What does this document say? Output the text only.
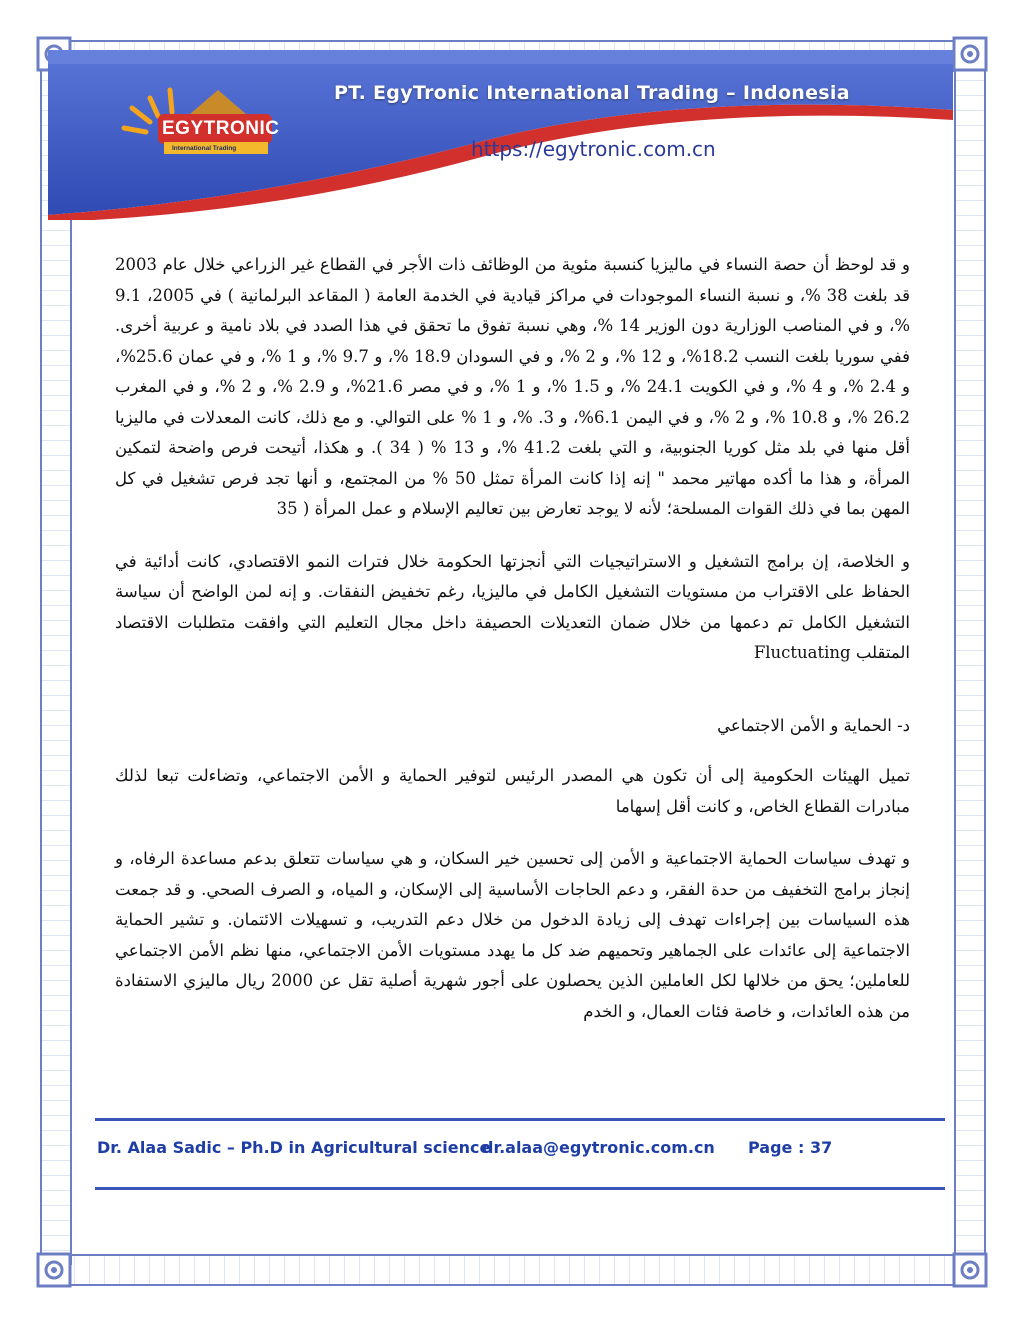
EGYTRONIC
International Trading
PT. EgyTronic International Trading – Indonesia
https://egytronic.com.cn

و قد لوحظ أن حصة النساء في ماليزيا كنسبة مئوية من الوظائف ذات الأجر في القطاع غير الزراعي خلال عام 2003 قد بلغت 38 %، و نسبة النساء الموجودات في مراكز قيادية في الخدمة العامة ( المقاعد البرلمانية ) في 2005، 9.1 %، و في المناصب الوزارية دون الوزير 14 %، وهي نسبة تفوق ما تحقق في هذا الصدد في بلاد نامية و عربية أخرى. ففي سوريا بلغت النسب 18.2%، و 12 %، و 2 %، و في السودان 18.9 %، و 9.7 %، و 1 %، و في عمان 25.6%، و 2.4 %، و 4 %، و في الكويت 24.1 %، و 1.5 %، و 1 %، و في مصر 21.6%، و 2.9 %، و 2 %، و في المغرب 26.2 %، و 10.8 %، و 2 %، و في اليمن 6.1%، و 3. %، و 1 % على التوالي. و مع ذلك، كانت المعدلات في ماليزيا أقل منها في بلد مثل كوريا الجنوبية، و التي بلغت 41.2 %، و 13 % ( 34 ). و هكذا، أتيحت فرص واضحة لتمكين المرأة، و هذا ما أكده مهاتير محمد " إنه إذا كانت المرأة تمثل 50 % من المجتمع، و أنها تجد فرص تشغيل في كل المهن بما في ذلك القوات المسلحة؛ لأنه لا يوجد تعارض بين تعاليم الإسلام و عمل المرأة ( 35

و الخلاصة، إن برامج التشغيل و الاستراتيجيات التي أنجزتها الحكومة خلال فترات النمو الاقتصادي، كانت أدائية في الحفاظ على الاقتراب من مستويات التشغيل الكامل في ماليزيا، رغم تخفيض النفقات. و إنه لمن الواضح أن سياسة التشغيل الكامل تم دعمها من خلال ضمان التعديلات الحصيفة داخل مجال التعليم التي وافقت متطلبات الاقتصاد المتقلب Fluctuating

د- الحماية و الأمن الاجتماعي

تميل الهيئات الحكومية إلى أن تكون هي المصدر الرئيس لتوفير الحماية و الأمن الاجتماعي، وتضاءلت تبعا لذلك مبادرات القطاع الخاص، و كانت أقل إسهاما

و تهدف سياسات الحماية الاجتماعية و الأمن إلى تحسين خير السكان، و هي سياسات تتعلق بدعم مساعدة الرفاه، و إنجاز برامج التخفيف من حدة الفقر، و دعم الحاجات الأساسية إلى الإسكان، و المياه، و الصرف الصحي. و قد جمعت هذه السياسات بين إجراءات تهدف إلى زيادة الدخول من خلال دعم التدريب، و تسهيلات الائتمان. و تشير الحماية الاجتماعية إلى عائدات على الجماهير وتحميهم ضد كل ما يهدد مستويات الأمن الاجتماعي، منها نظم الأمن الاجتماعي للعاملين؛ يحق من خلالها لكل العاملين الذين يحصلون على أجور شهرية أصلية تقل عن 2000 ريال ماليزي الاستفادة من هذه العائدات، و خاصة فئات العمال، و الخدم

Dr. Alaa Sadic – Ph.D in Agricultural science
dr.alaa@egytronic.com.cn Page : 37
